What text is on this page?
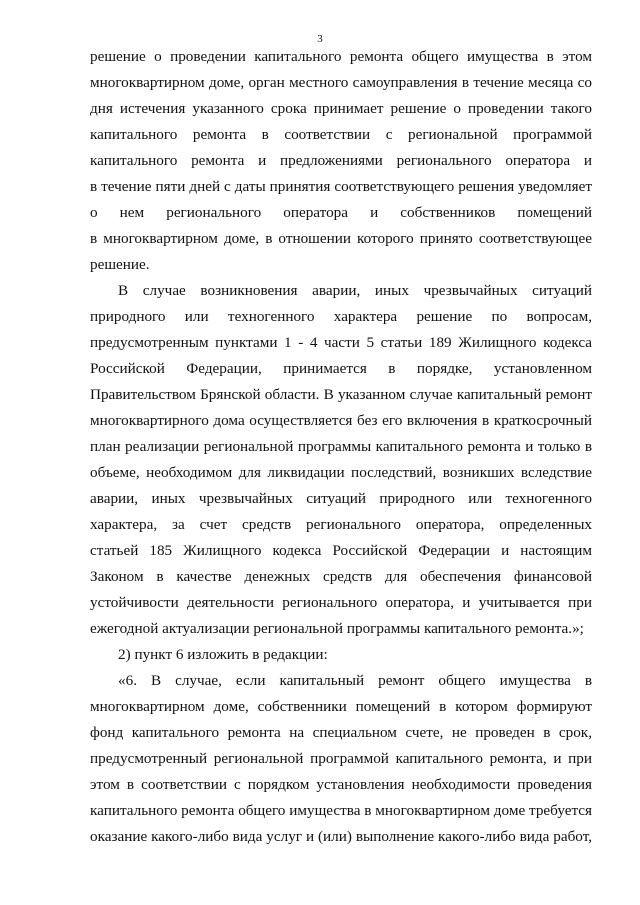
3
решение о проведении капитального ремонта общего имущества в этом
многоквартирном доме, орган местного самоуправления в течение месяца со
дня истечения указанного срока принимает решение о проведении такого
капитального ремонта в соответствии с региональной программой
капитального ремонта и предложениями регионального оператора и
в течение пяти дней с даты принятия соответствующего решения уведомляет
о нем регионального оператора и собственников помещений
в многоквартирном доме, в отношении которого принято соответствующее
решение.
В случае возникновения аварии, иных чрезвычайных ситуаций
природного или техногенного характера решение по вопросам,
предусмотренным пунктами 1 - 4 части 5 статьи 189 Жилищного кодекса
Российской Федерации, принимается в порядке, установленном
Правительством Брянской области. В указанном случае капитальный ремонт
многоквартирного дома осуществляется без его включения в краткосрочный
план реализации региональной программы капитального ремонта и только в
объеме, необходимом для ликвидации последствий, возникших вследствие
аварии, иных чрезвычайных ситуаций природного или техногенного
характера, за счет средств регионального оператора, определенных
статьей 185 Жилищного кодекса Российской Федерации и настоящим
Законом в качестве денежных средств для обеспечения финансовой
устойчивости деятельности регионального оператора, и учитывается при
ежегодной актуализации региональной программы капитального ремонта.»;
2) пункт 6 изложить в редакции:
«6. В случае, если капитальный ремонт общего имущества в
многоквартирном доме, собственники помещений в котором формируют
фонд капитального ремонта на специальном счете, не проведен в срок,
предусмотренный региональной программой капитального ремонта, и при
этом в соответствии с порядком установления необходимости проведения
капитального ремонта общего имущества в многоквартирном доме требуется
оказание какого-либо вида услуг и (или) выполнение какого-либо вида работ,
